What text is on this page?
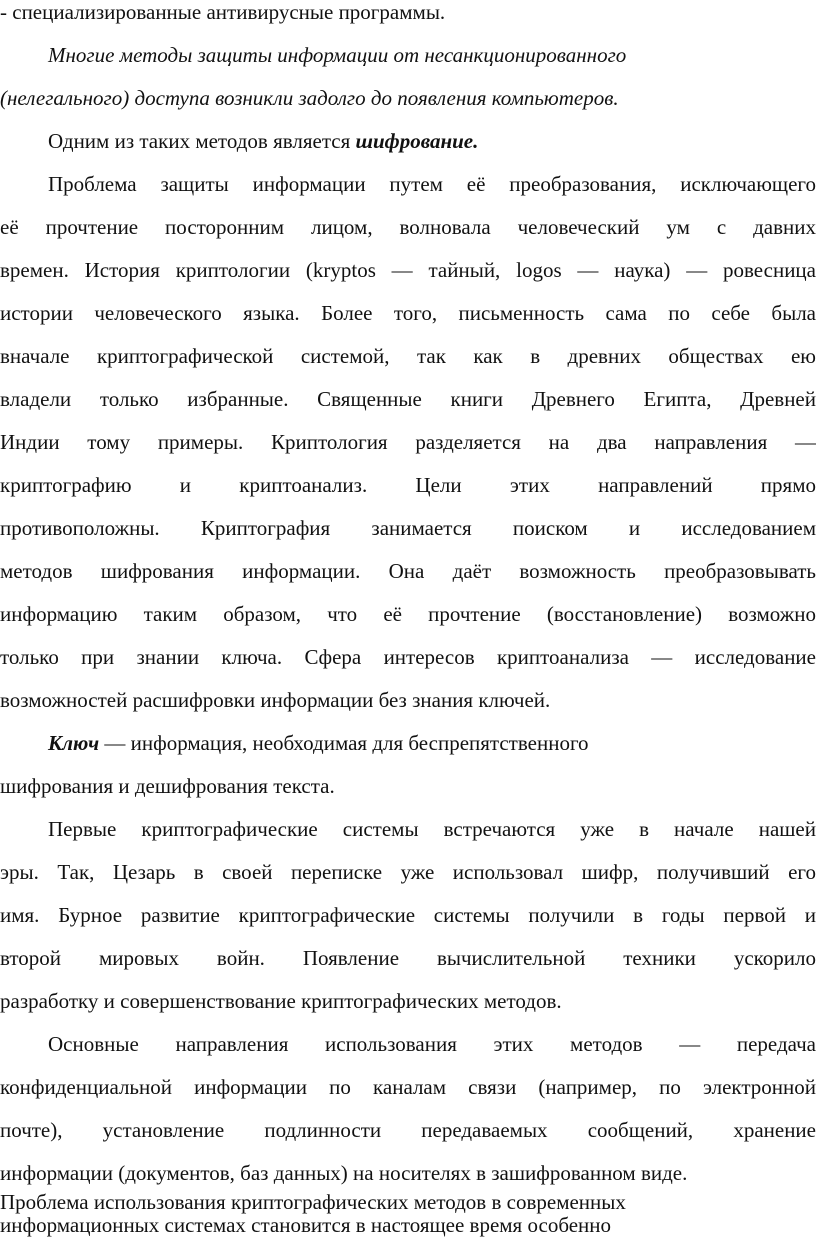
- специализированные антивирусные программы.
Многие методы защиты информации от несанкционированного
(нелегального) доступа возникли задолго до появления компьютеров.
Одним из таких методов является шифрование.
Проблема защиты информации путем её преобразования, исключающего
её прочтение посторонним лицом, волновала человеческий ум с давних
времен. История криптологии (kryptos — тайный, logos — наука) — ровесница
истории человеческого языка. Более того, письменность сама по себе была
вначале криптографической системой, так как в древних обществах ею
владели только избранные. Священные книги Древнего Египта, Древней
Индии тому примеры. Криптология разделяется на два направления —
криптографию и криптоанализ. Цели этих направлений прямо
противоположны. Криптография занимается поиском и исследованием
методов шифрования информации. Она даёт возможность преобразовывать
информацию таким образом, что её прочтение (восстановление) возможно
только при знании ключа. Сфера интересов криптоанализа — исследование
возможностей расшифровки информации без знания ключей.
Ключ — информация, необходимая для беспрепятственного
шифрования и дешифрования текста.
Первые криптографические системы встречаются уже в начале нашей
эры. Так, Цезарь в своей переписке уже использовал шифр, получивший его
имя. Бурное развитие криптографические системы получили в годы первой и
второй мировых войн. Появление вычислительной техники ускорило
разработку и совершенствование криптографических методов.
Основные направления использования этих методов — передача
конфиденциальной информации по каналам связи (например, по электронной
почте), установление подлинности передаваемых сообщений, хранение
информации (документов, баз данных) на носителях в зашифрованном виде.
Проблема использования криптографических методов в современных
информационных системах становится в настоящее время особенно
